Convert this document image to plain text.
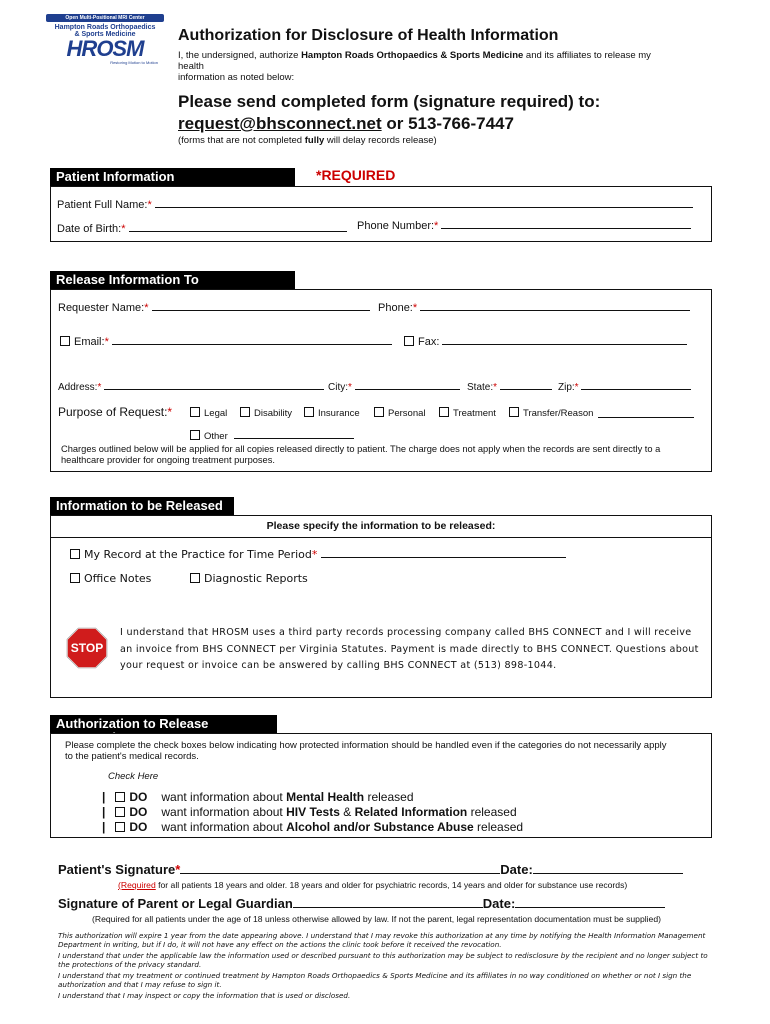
Open Multi-Positional MRI Center
Hampton Roads Orthopaedics
& Sports Medicine
HROSM
Restoring Motion to Motion
Authorization for Disclosure of Health Information
I, the undersigned, authorize Hampton Roads Orthopaedics & Sports Medicine and its affiliates to release my health
information as noted below:
Please send completed form (signature required) to:
request@bhsconnect.net or 513-766-7447
(forms that are not completed fully will delay records release)
Patient Information	*REQUIRED
Patient Full Name:*
Date of Birth:*	Phone Number:*
Release Information To
Requester Name:*	Phone:*
Email:*	Fax:
Address:*	City:*	State:*	Zip:*
Purpose of Request:*	Legal	Disability	Insurance	Personal	Treatment	Transfer/Reason
Other
Charges outlined below will be applied for all copies released directly to patient. The charge does not apply when the records are sent directly to a healthcare provider for ongoing treatment purposes.
Information to be Released
Please specify the information to be released:
My Record at the Practice for Time Period*
Office Notes	Diagnostic Reports
STOP
I understand that HROSM uses a third party records processing company called BHS CONNECT and I will receive an invoice from BHS CONNECT per Virginia Statutes. Payment is made directly to BHS CONNECT. Questions about your request or invoice can be answered by calling BHS CONNECT at (513) 898-1044.
Authorization to Release Protected
Please complete the check boxes below indicating how protected information should be handled even if the categories do not necessarily apply to the patient's medical records.
Check Here
| DO want information about Mental Health released
| DO want information about HIV Tests & Related Information released
| DO want information about Alcohol and/or Substance Abuse released
Patient's Signature*	Date:
(Required for all patients 18 years and older. 18 years and older for psychiatric records, 14 years and older for substance use records)
Signature of Parent or Legal Guardian	Date:
(Required for all patients under the age of 18 unless otherwise allowed by law. If not the parent, legal representation documentation must be supplied)
This authorization will expire 1 year from the date appearing above. I understand that I may revoke this authorization at any time by notifying the Health Information Management Department in writing, but if I do, it will not have any effect on the actions the clinic took before it received the revocation.
I understand that under the applicable law the information used or described pursuant to this authorization may be subject to redisclosure by the recipient and no longer subject to the protections of the privacy standard.
I understand that my treatment or continued treatment by Hampton Roads Orthopaedics & Sports Medicine and its affiliates in no way conditioned on whether or not I sign the authorization and that I may refuse to sign it.
I understand that I may inspect or copy the information that is used or disclosed.
